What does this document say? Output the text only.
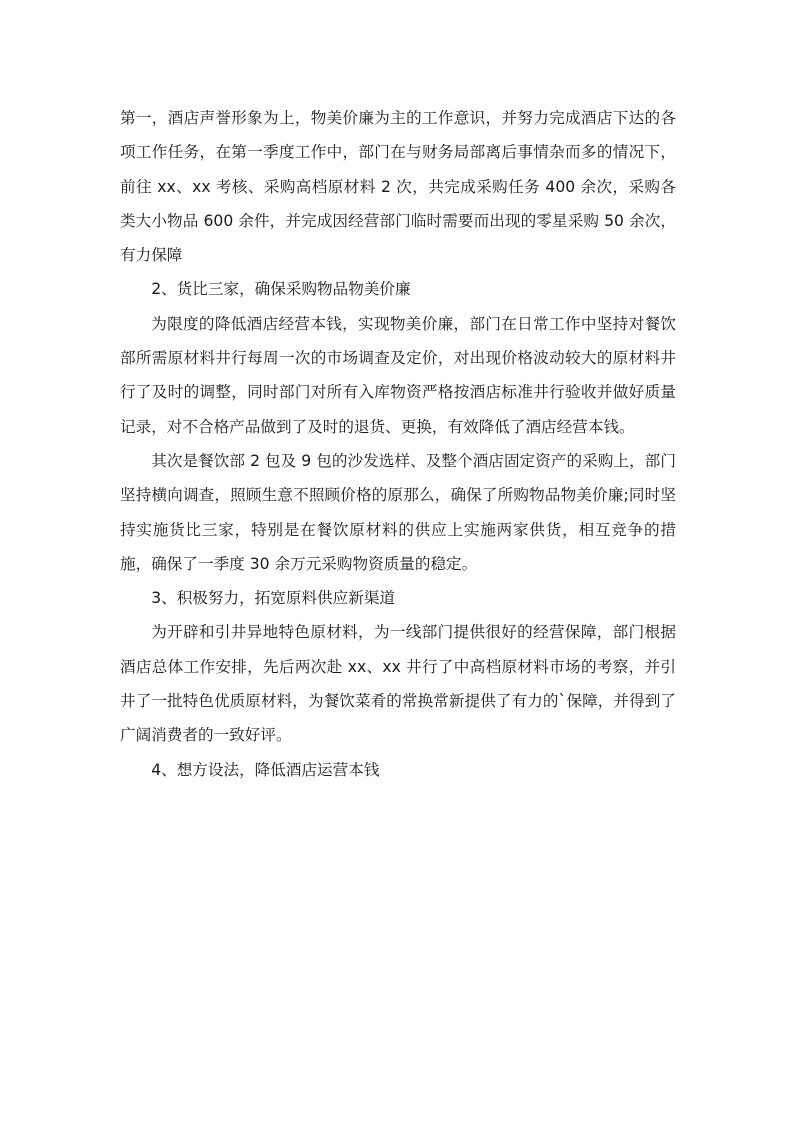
第一，酒店声誉形象为上，物美价廉为主的工作意识，并努力完成酒店下达的各项工作任务，在第一季度工作中，部门在与财务局部离后事情杂而多的情况下，前往 xx、xx 考核、采购高档原材料 2 次，共完成采购任务 400 余次，采购各类大小物品 600 余件，并完成因经营部门临时需要而出现的零星采购 50 余次，有力保障

2、货比三家，确保采购物品物美价廉

为限度的降低酒店经营本钱，实现物美价廉，部门在日常工作中坚持对餐饮部所需原材料井行每周一次的市场调查及定价，对出现价格波动较大的原材料井行了及时的调整，同时部门对所有入库物资严格按酒店标准井行验收并做好质量记录，对不合格产品做到了及时的退货、更换，有效降低了酒店经营本钱。

其次是餐饮部 2 包及 9 包的沙发选样、及整个酒店固定资产的采购上，部门坚持横向调查，照顾生意不照顾价格的原那么，确保了所购物品物美价廉;同时坚持实施货比三家，特别是在餐饮原材料的供应上实施两家供货，相互竞争的措施，确保了一季度 30 余万元采购物资质量的稳定。

3、积极努力，拓宽原料供应新渠道

为开辟和引井异地特色原材料，为一线部门提供很好的经营保障，部门根据酒店总体工作安排，先后两次赴 xx、xx 井行了中高档原材料市场的考察，并引井了一批特色优质原材料，为餐饮菜肴的常换常新提供了有力的`保障，并得到了广阔消费者的一致好评。

4、想方设法，降低酒店运营本钱
